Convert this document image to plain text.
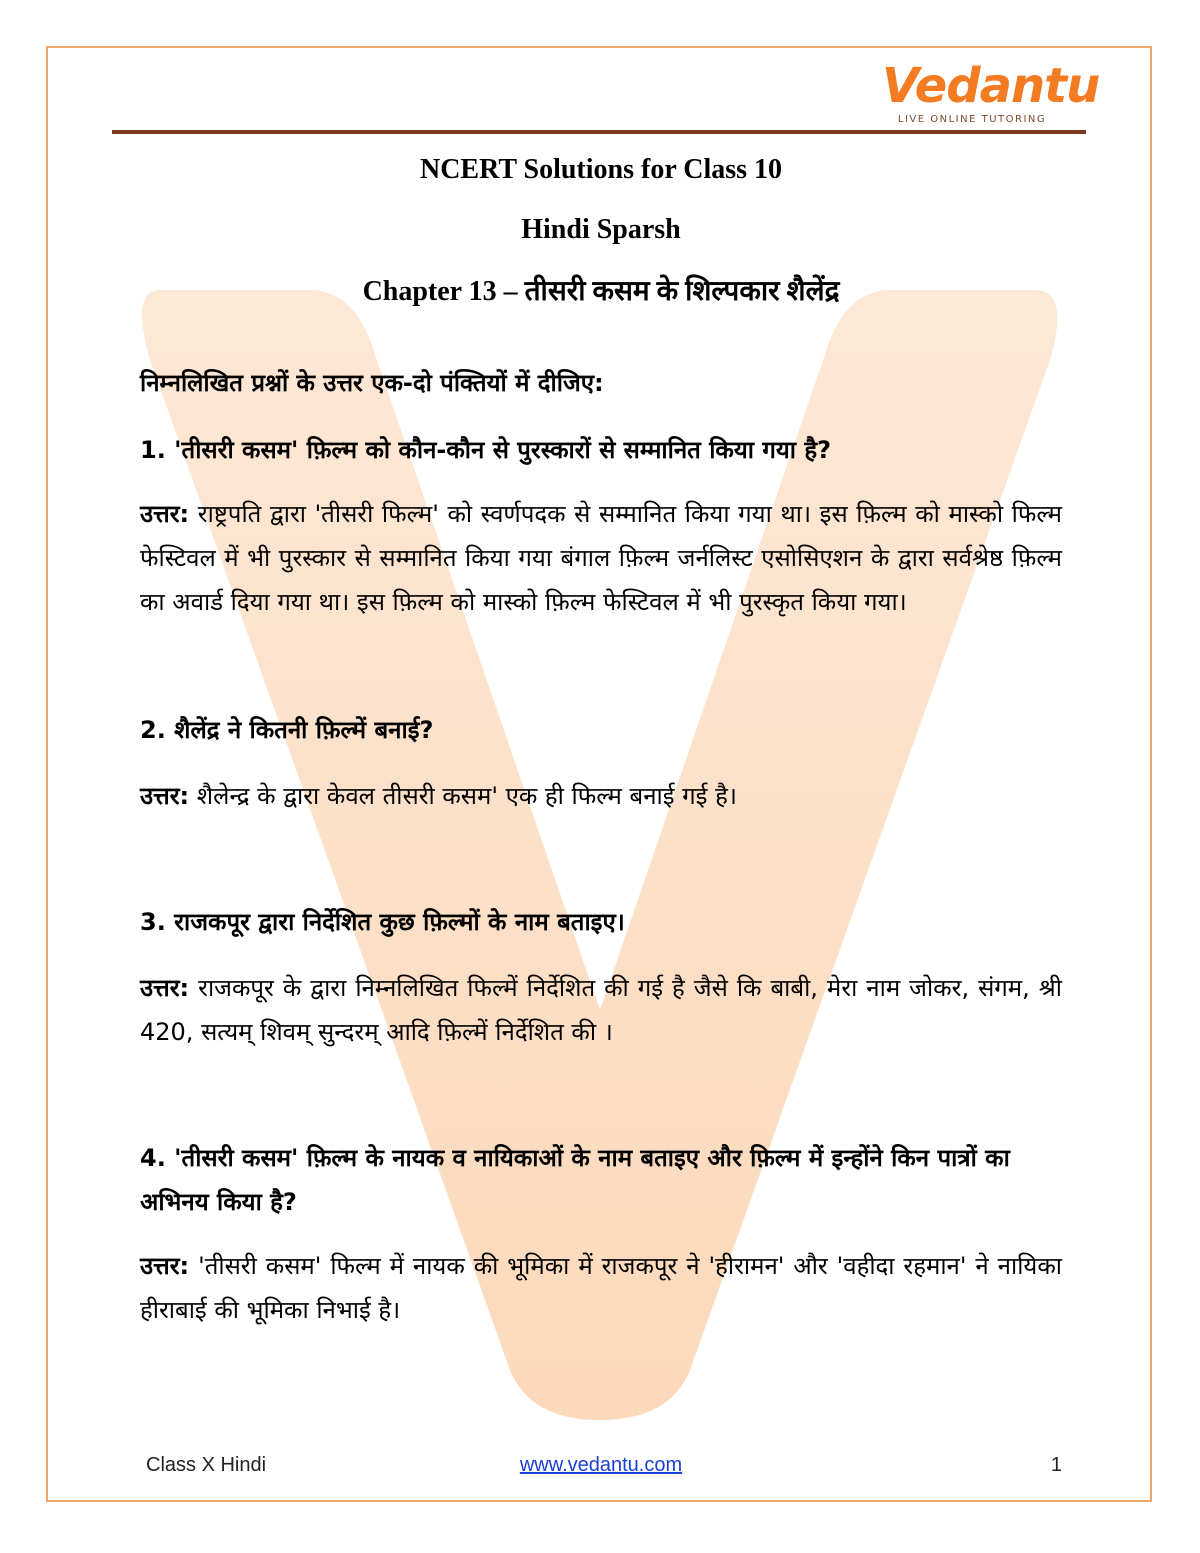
Vedantu
LIVE ONLINE TUTORING

NCERT Solutions for Class 10

Hindi Sparsh

Chapter 13 – तीसरी कसम के शिल्पकार शैलेंद्र

निम्नलिखित प्रश्नों के उत्तर एक-दो पंक्तियों में दीजिए:
1. 'तीसरी कसम' फ़िल्म को कौन-कौन से पुरस्कारों से सम्मानित किया गया है?
उत्तर: राष्ट्रपति द्वारा 'तीसरी फिल्म' को स्वर्णपदक से सम्मानित किया गया था। इस फ़िल्म को मास्को फिल्म फेस्टिवल में भी पुरस्कार से सम्मानित किया गया बंगाल फ़िल्म जर्नलिस्ट एसोसिएशन के द्वारा सर्वश्रेष्ठ फ़िल्म का अवार्ड दिया गया था। इस फ़िल्म को मास्को फ़िल्म फेस्टिवल में भी पुरस्कृत किया गया।
2. शैलेंद्र ने कितनी फ़िल्में बनाई?
उत्तर: शैलेन्द्र के द्वारा केवल तीसरी कसम' एक ही फिल्म बनाई गई है।
3. राजकपूर द्वारा निर्देशित कुछ फ़िल्मों के नाम बताइए।
उत्तर: राजकपूर के द्वारा निम्नलिखित फिल्में निर्देशित की गई है जैसे कि बाबी, मेरा नाम जोकर, संगम, श्री 420, सत्यम् शिवम् सुन्दरम् आदि फ़िल्में निर्देशित की ।
4. 'तीसरी कसम' फ़िल्म के नायक व नायिकाओं के नाम बताइए और फ़िल्म में इन्होंने किन पात्रों का अभिनय किया है?
उत्तर: 'तीसरी कसम' फिल्म में नायक की भूमिका में राजकपूर ने 'हीरामन' और 'वहीदा रहमान' ने नायिका हीराबाई की भूमिका निभाई है।
Class X Hindi	www.vedantu.com	1
